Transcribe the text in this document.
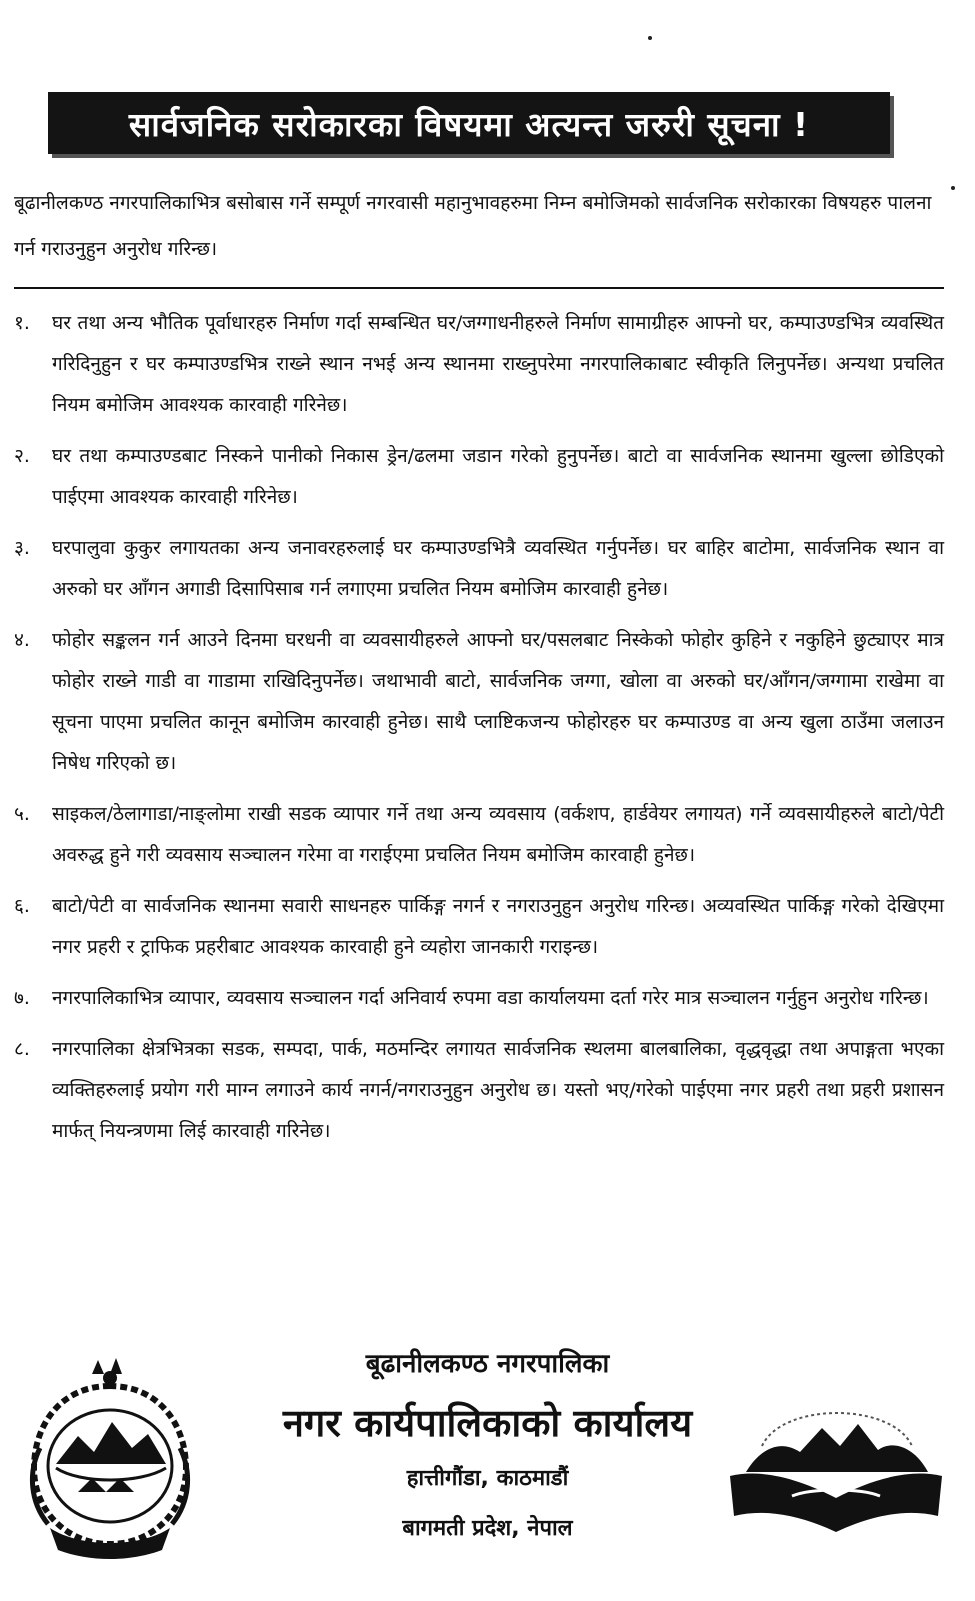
सार्वजनिक सरोकारका विषयमा अत्यन्त जरुरी सूचना !

बूढानीलकण्ठ नगरपालिकाभित्र बसोबास गर्ने सम्पूर्ण नगरवासी महानुभावहरुमा निम्न बमोजिमको सार्वजनिक सरोकारका विषयहरु पालना गर्न गराउनुहुन अनुरोध गरिन्छ।

१.	घर तथा अन्य भौतिक पूर्वाधारहरु निर्माण गर्दा सम्बन्धित घर/जग्गाधनीहरुले निर्माण सामाग्रीहरु आफ्नो घर, कम्पाउण्डभित्र व्यवस्थित गरिदिनुहुन र घर कम्पाउण्डभित्र राख्ने स्थान नभई अन्य स्थानमा राख्नुपरेमा नगरपालिकाबाट स्वीकृति लिनुपर्नेछ। अन्यथा प्रचलित नियम बमोजिम आवश्यक कारवाही गरिनेछ।

२.	घर तथा कम्पाउण्डबाट निस्कने पानीको निकास ड्रेन/ढलमा जडान गरेको हुनुपर्नेछ। बाटो वा सार्वजनिक स्थानमा खुल्ला छोडिएको पाईएमा आवश्यक कारवाही गरिनेछ।

३.	घरपालुवा कुकुर लगायतका अन्य जनावरहरुलाई घर कम्पाउण्डभित्रै व्यवस्थित गर्नुपर्नेछ। घर बाहिर बाटोमा, सार्वजनिक स्थान वा अरुको घर आँगन अगाडी दिसापिसाब गर्न लगाएमा प्रचलित नियम बमोजिम कारवाही हुनेछ।

४.	फोहोर सङ्कलन गर्न आउने दिनमा घरधनी वा व्यवसायीहरुले आफ्नो घर/पसलबाट निस्केको फोहोर कुहिने र नकुहिने छुट्याएर मात्र फोहोर राख्ने गाडी वा गाडामा राखिदिनुपर्नेछ। जथाभावी बाटो, सार्वजनिक जग्गा, खोला वा अरुको घर/आँगन/जग्गामा राखेमा वा सूचना पाएमा प्रचलित कानून बमोजिम कारवाही हुनेछ। साथै प्लाष्टिकजन्य फोहोरहरु घर कम्पाउण्ड वा अन्य खुला ठाउँमा जलाउन निषेध गरिएको छ।

५.	साइकल/ठेलागाडा/नाङ्लोमा राखी सडक व्यापार गर्ने तथा अन्य व्यवसाय (वर्कशप, हार्डवेयर लगायत) गर्ने व्यवसायीहरुले बाटो/पेटी अवरुद्ध हुने गरी व्यवसाय सञ्चालन गरेमा वा गराईएमा प्रचलित नियम बमोजिम कारवाही हुनेछ।

६.	बाटो/पेटी वा सार्वजनिक स्थानमा सवारी साधनहरु पार्किङ्ग नगर्न र नगराउनुहुन अनुरोध गरिन्छ। अव्यवस्थित पार्किङ्ग गरेको देखिएमा नगर प्रहरी र ट्राफिक प्रहरीबाट आवश्यक कारवाही हुने व्यहोरा जानकारी गराइन्छ।

७.	नगरपालिकाभित्र व्यापार, व्यवसाय सञ्चालन गर्दा अनिवार्य रुपमा वडा कार्यालयमा दर्ता गरेर मात्र सञ्चालन गर्नुहुन अनुरोध गरिन्छ।

८.	नगरपालिका क्षेत्रभित्रका सडक, सम्पदा, पार्क, मठमन्दिर लगायत सार्वजनिक स्थलमा बालबालिका, वृद्धवृद्धा तथा अपाङ्गता भएका व्यक्तिहरुलाई प्रयोग गरी माग्न लगाउने कार्य नगर्न/नगराउनुहुन अनुरोध छ। यस्तो भए/गरेको पाईएमा नगर प्रहरी तथा प्रहरी प्रशासन मार्फत् नियन्त्रणमा लिई कारवाही गरिनेछ।

बूढानीलकण्ठ नगरपालिका
नगर कार्यपालिकाको कार्यालय
हात्तीगौंडा, काठमाडौं
बागमती प्रदेश, नेपाल
